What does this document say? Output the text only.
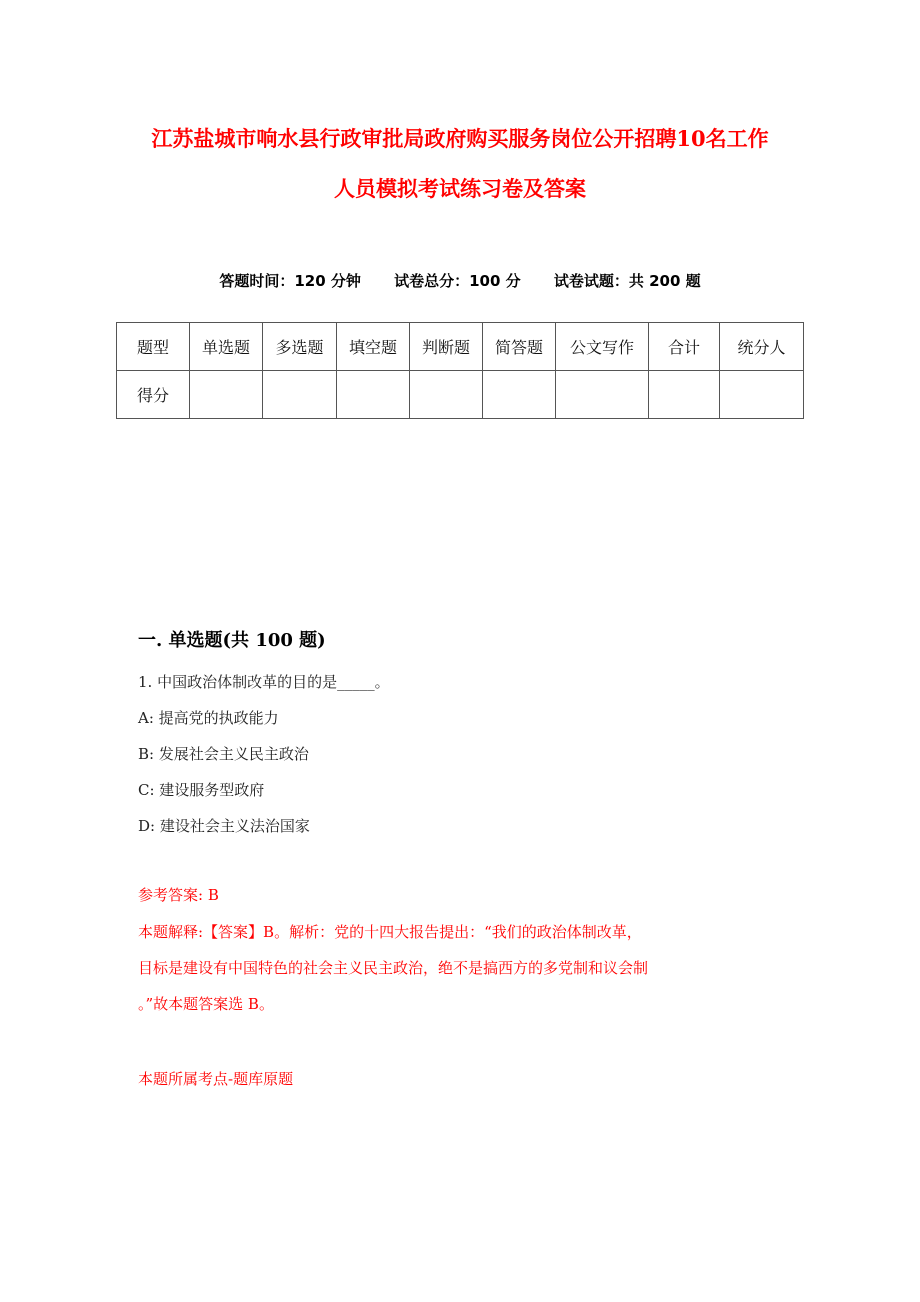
江苏盐城市响水县行政审批局政府购买服务岗位公开招聘10名工作
人员模拟考试练习卷及答案
答题时间：120 分钟 试卷总分：100 分 试卷试题：共 200 题
题型	单选题	多选题	填空题	判断题	简答题	公文写作	合计	统分人
得分								
一. 单选题(共 100 题)
1. 中国政治体制改革的目的是_____。
A: 提高党的执政能力
B: 发展社会主义民主政治
C: 建设服务型政府
D: 建设社会主义法治国家
参考答案: B
本题解释:【答案】B。解析：党的十四大报告提出：“我们的政治体制改革，
目标是建设有中国特色的社会主义民主政治，绝不是搞西方的多党制和议会制
。”故本题答案选 B。
本题所属考点-题库原题
